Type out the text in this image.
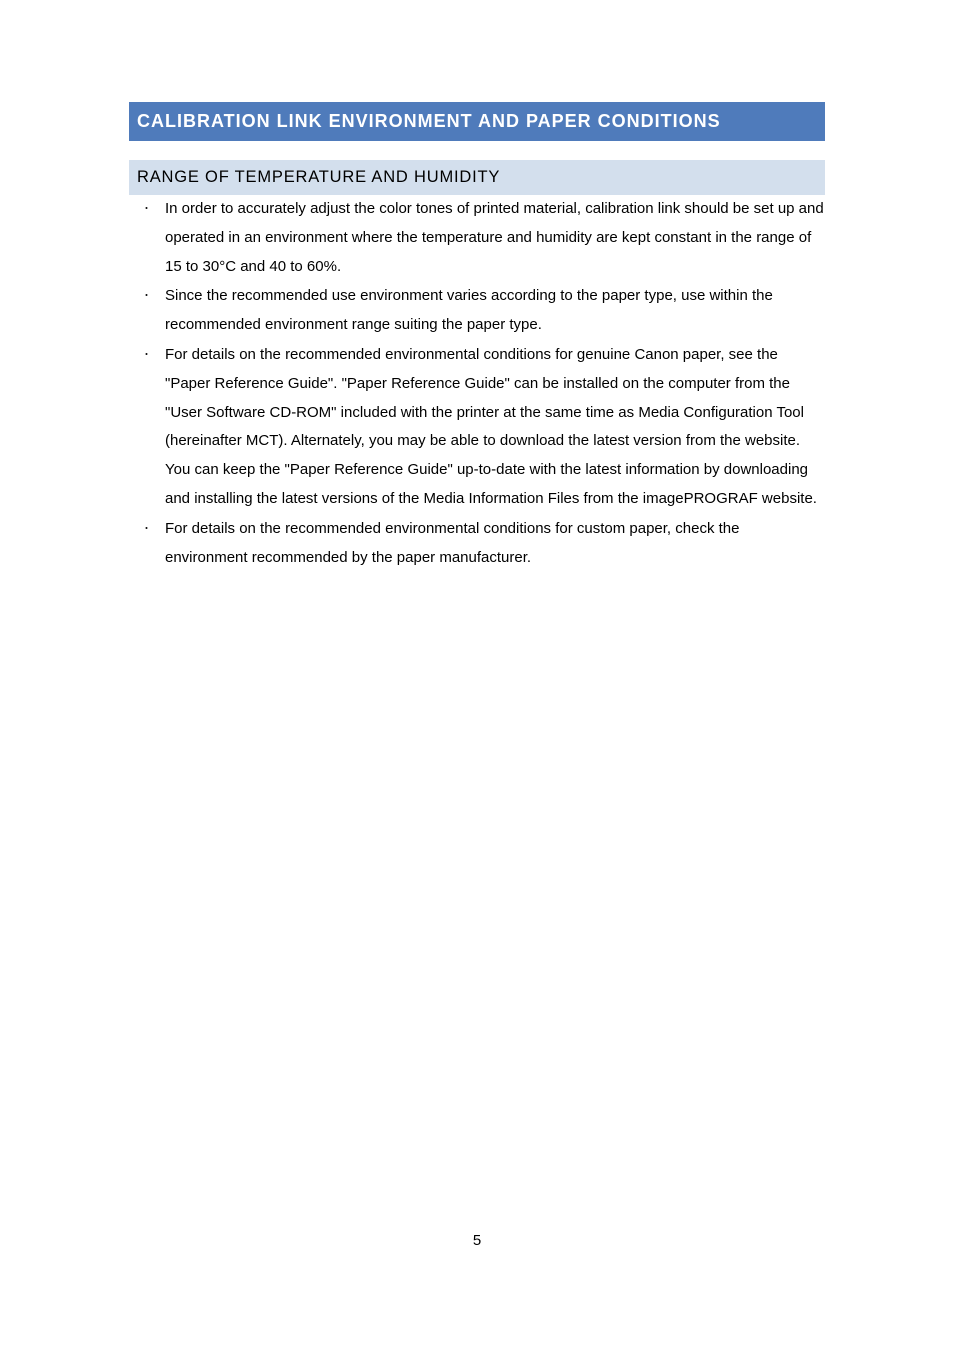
CALIBRATION LINK ENVIRONMENT AND PAPER CONDITIONS
RANGE OF TEMPERATURE AND HUMIDITY
・ In order to accurately adjust the color tones of printed material, calibration link should be set up and operated in an environment where the temperature and humidity are kept constant in the range of 15 to 30°C and 40 to 60%.
・ Since the recommended use environment varies according to the paper type, use within the recommended environment range suiting the paper type.
・ For details on the recommended environmental conditions for genuine Canon paper, see the "Paper Reference Guide". "Paper Reference Guide" can be installed on the computer from the "User Software CD-ROM" included with the printer at the same time as Media Configuration Tool (hereinafter MCT). Alternately, you may be able to download the latest version from the website. You can keep the "Paper Reference Guide" up-to-date with the latest information by downloading and installing the latest versions of the Media Information Files from the imagePROGRAF website.
・ For details on the recommended environmental conditions for custom paper, check the environment recommended by the paper manufacturer.
5
